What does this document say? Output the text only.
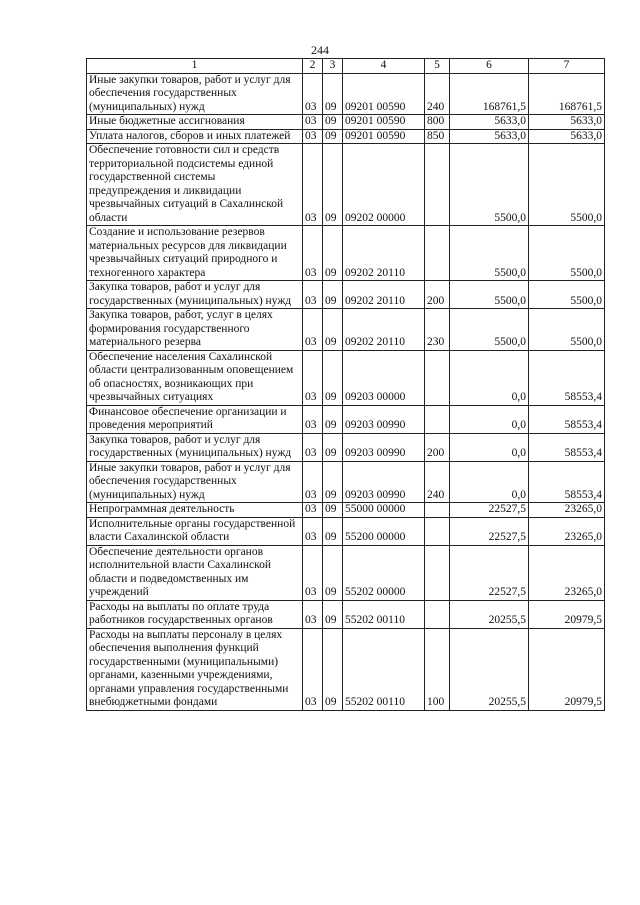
244
1	2	3	4	5	6	7
Иные закупки товаров, работ и услуг для обеспечения государственных (муниципальных) нужд	03	09	09201 00590	240	168761,5	168761,5
Иные бюджетные ассигнования	03	09	09201 00590	800	5633,0	5633,0
Уплата налогов, сборов и иных платежей	03	09	09201 00590	850	5633,0	5633,0
Обеспечение готовности сил и средств территориальной подсистемы единой государственной системы предупреждения и ликвидации чрезвычайных ситуаций в Сахалинской области	03	09	09202 00000		5500,0	5500,0
Создание и использование резервов материальных ресурсов для ликвидации чрезвычайных ситуаций природного и техногенного характера	03	09	09202 20110		5500,0	5500,0
Закупка товаров, работ и услуг для государственных (муниципальных) нужд	03	09	09202 20110	200	5500,0	5500,0
Закупка товаров, работ, услуг в целях формирования государственного материального резерва	03	09	09202 20110	230	5500,0	5500,0
Обеспечение населения Сахалинской области централизованным оповещением об опасностях, возникающих при чрезвычайных ситуациях	03	09	09203 00000		0,0	58553,4
Финансовое обеспечение организации и проведения мероприятий	03	09	09203 00990		0,0	58553,4
Закупка товаров, работ и услуг для государственных (муниципальных) нужд	03	09	09203 00990	200	0,0	58553,4
Иные закупки товаров, работ и услуг для обеспечения государственных (муниципальных) нужд	03	09	09203 00990	240	0,0	58553,4
Непрограммная деятельность	03	09	55000 00000		22527,5	23265,0
Исполнительные органы государственной власти Сахалинской области	03	09	55200 00000		22527,5	23265,0
Обеспечение деятельности органов исполнительной власти Сахалинской области и подведомственных им учреждений	03	09	55202 00000		22527,5	23265,0
Расходы на выплаты по оплате труда работников государственных органов	03	09	55202 00110		20255,5	20979,5
Расходы на выплаты персоналу в целях обеспечения выполнения функций государственными (муниципальными) органами, казенными учреждениями, органами управления государственными внебюджетными фондами	03	09	55202 00110	100	20255,5	20979,5
